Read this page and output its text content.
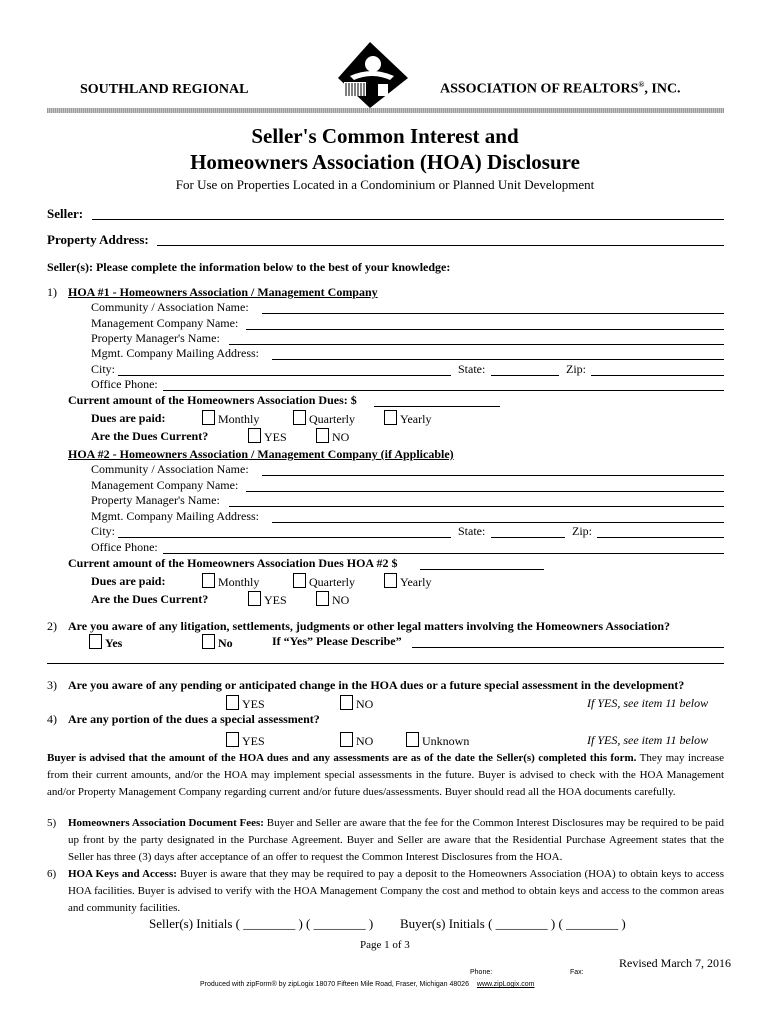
SOUTHLAND REGIONAL	ASSOCIATION OF REALTORS®, INC.
Seller's Common Interest and
Homeowners Association (HOA) Disclosure
For Use on Properties Located in a Condominium or Planned Unit Development
Seller:
Property Address:
Seller(s): Please complete the information below to the best of your knowledge:
1) HOA #1 - Homeowners Association / Management Company
Community / Association Name:
Management Company Name:
Property Manager's Name:
Mgmt. Company Mailing Address:
City:	State:	Zip:
Office Phone:
Current amount of the Homeowners Association Dues: $
Dues are paid:	Monthly	Quarterly	Yearly
Are the Dues Current?	YES	NO
HOA #2 - Homeowners Association / Management Company (if Applicable)
Community / Association Name:
Management Company Name:
Property Manager's Name:
Mgmt. Company Mailing Address:
City:	State:	Zip:
Office Phone:
Current amount of the Homeowners Association Dues HOA #2 $
Dues are paid:	Monthly	Quarterly	Yearly
Are the Dues Current?	YES	NO
2) Are you aware of any litigation, settlements, judgments or other legal matters involving the Homeowners Association?
Yes	No	If “Yes” Please Describe”
3) Are you aware of any pending or anticipated change in the HOA dues or a future special assessment in the development?
YES	NO	If YES, see item 11 below
4) Are any portion of the dues a special assessment?
YES	NO	Unknown	If YES, see item 11 below
Buyer is advised that the amount of the HOA dues and any assessments are as of the date the Seller(s) completed this form. They may increase from their current amounts, and/or the HOA may implement special assessments in the future. Buyer is advised to check with the HOA Management and/or Property Management Company regarding current and/or future dues/assessments. Buyer should read all the HOA documents carefully.
5) Homeowners Association Document Fees: Buyer and Seller are aware that the fee for the Common Interest Disclosures may be required to be paid up front by the party designated in the Purchase Agreement. Buyer and Seller are aware that the Residential Purchase Agreement states that the Seller has three (3) days after acceptance of an offer to request the Common Interest Disclosures from the HOA.
6) HOA Keys and Access: Buyer is aware that they may be required to pay a deposit to the Homeowners Association (HOA) to obtain keys to access HOA facilities. Buyer is advised to verify with the HOA Management Company the cost and method to obtain keys and access to the common areas and community facilities.
Seller(s) Initials ( ________ ) ( ________ ) Buyer(s) Initials ( ________ ) ( ________ )
Page 1 of 3
Revised March 7, 2016
Phone:	Fax:
Produced with zipForm® by zipLogix 18070 Fifteen Mile Road, Fraser, Michigan 48026 www.zipLogix.com
